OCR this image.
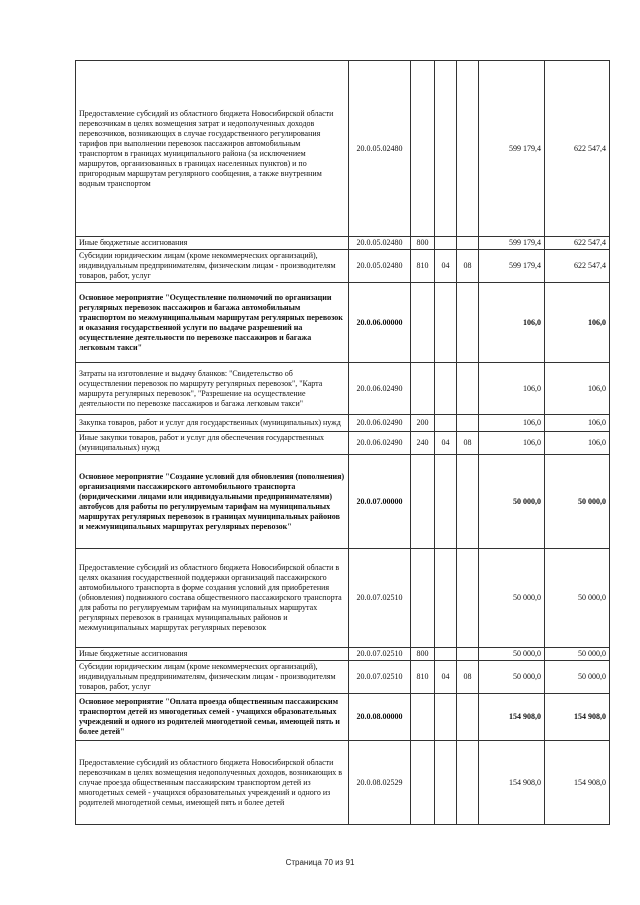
Предоставление субсидий из областного бюджета Новосибирской области перевозчикам в целях возмещения затрат и недополученных доходов
перевозчиков, возникающих в случае государственного регулирования тарифов при выполнении перевозок пассажиров автомобильным транспортом в границах муниципального района (за исключением маршрутов, организованных в границах населенных пунктов) и по пригородным маршрутам регулярного сообщения, а также внутренним водным транспортом	20.0.05.02480				599 179,4	622 547,4
Иные бюджетные ассигнования	20.0.05.02480	800			599 179,4	622 547,4
Субсидии юридическим лицам (кроме некоммерческих организаций), индивидуальным предпринимателям, физическим лицам - производителям товаров, работ, услуг	20.0.05.02480	810	04	08	599 179,4	622 547,4
Основное мероприятие "Осуществление полномочий по организации регулярных перевозок пассажиров и багажа автомобильным транспортом по межмуниципальным маршрутам регулярных перевозок и оказания государственной услуги по выдаче разрешений на осуществление деятельности по перевозке пассажиров и багажа легковым такси"	20.0.06.00000				106,0	106,0
Затраты на изготовление и выдачу бланков: "Свидетельство об осуществлении перевозок по маршруту регулярных перевозок", "Карта маршрута регулярных перевозок", "Разрешение на осуществление деятельности по перевозке пассажиров и багажа легковым такси"	20.0.06.02490				106,0	106,0
Закупка товаров, работ и услуг для государственных (муниципальных) нужд	20.0.06.02490	200			106,0	106,0
Иные закупки товаров, работ и услуг для обеспечения государственных (муниципальных) нужд	20.0.06.02490	240	04	08	106,0	106,0
Основное мероприятие "Создание условий для обновления (пополнения) организациями пассажирского автомобильного транспорта (юридическими лицами или индивидуальными предпринимателями) автобусов для работы по регулируемым тарифам на муниципальных маршрутах регулярных перевозок в границах муниципальных районов и межмуниципальных маршрутах регулярных перевозок"	20.0.07.00000				50 000,0	50 000,0
Предоставление субсидий из областного бюджета Новосибирской области в целях оказания государственной поддержки организаций пассажирского автомобильного транспорта в форме создания условий для приобретения (обновления) подвижного состава общественного пассажирского транспорта для работы по регулируемым тарифам на муниципальных маршрутах регулярных перевозок в границах муниципальных районов и межмуниципальных маршрутах регулярных перевозок	20.0.07.02510				50 000,0	50 000,0
Иные бюджетные ассигнования	20.0.07.02510	800			50 000,0	50 000,0
Субсидии юридическим лицам (кроме некоммерческих организаций), индивидуальным предпринимателям, физическим лицам - производителям товаров, работ, услуг	20.0.07.02510	810	04	08	50 000,0	50 000,0
Основное мероприятие "Оплата проезда общественным пассажирским транспортом детей из многодетных семей - учащихся образовательных учреждений и одного из родителей многодетной семьи, имеющей пять и более детей"	20.0.08.00000				154 908,0	154 908,0
Предоставление субсидий из областного бюджета Новосибирской области перевозчикам в целях возмещения недополученных доходов, возникающих в случае проезда общественным пассажирским транспортом детей из многодетных семей - учащихся образовательных учреждений и одного из родителей многодетной семьи, имеющей пять и более детей	20.0.08.02529				154 908,0	154 908,0
Страница 70 из 91
